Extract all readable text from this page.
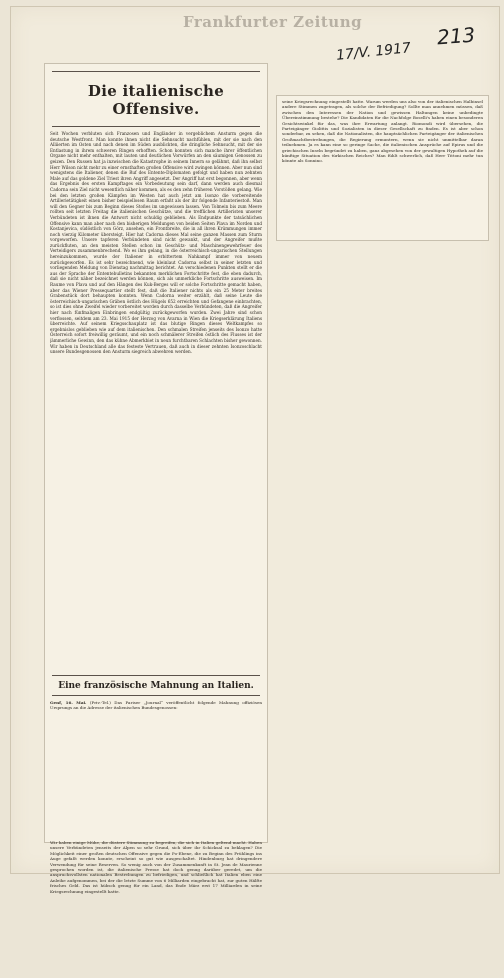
Frankfurter Zeitung
17/V. 1917
213
Die italienische Offensive.
Seit Wochen verbluten sich Franzosen und Engländer in vergeblichem Ansturm gegen die deutsche Westfront. Man konnte ihnen nicht die Sehnsucht nachfühlen, mit der sie nach den Alliierten im Osten und nach denen im Süden ausblickten, die dringliche Sehnsucht, mit der sie Entlastung in ihrem schweren Ringen erhofften. Schon konnten sich manche ihrer öffentlichen Organe nicht mehr enthalten, mit lauten und deutlichen Vorwürfen an den säumigen Genossen zu geizen. Den Russen hat ja inzwischen die Katastrophe in seinem Innern so gelähmt, daß ihn selbst Herr Wilson nicht mehr zu einer ernsthaften großen Offensive wird zwingen können. Aber nun sind wenigstens die Italiener, denen die Ruf des Entente-Diplomaten gefolgt und haben nun zehnten Male auf das goldene Ziel Triest ihren Angriff angesetzt. Der Angriff hat erst begonnen, aber wenn das Ergebnis des ersten Kampftages ein Vorbedeutung sein darf, dann werden auch diesmal Cadorna sein Ziel nicht wesentlich näher kommen, als es den zehn früheren Vorstößen gelang. Wie bei den letzten großen Kämpfen im Westen hat auch jetzt am Isonzo die vorbereitende Artillerietätigkeit einen bisher beispiellosen Raum erfaßt als der ihr folgende Infanteriestoß. Man will den Gegner bis zum Beginn dieses Stoßes im ungewissen lassen. Von Tolmein bis zum Meere rollten seit letzten Freitag die italienischen Geschütze, und die trefflichen Artilleristen unserer Verbündeten ist ihnen die Antwort nicht schuldig geblieben. Als Endpunkte der tatsächlichen Offensive kann man aber nach den bisherigen Meldungen von beiden Seiten Plava im Norden und Kostanjevica, südöstlich von Görz, ansehen, ein Frontbreite, die in all ihren Krümmungen immer noch vierzig Kilometer übersteigt. Hier hat Cadorna dieses Mal seine ganzen Massen zum Sturm vorgeworfen. Unsere tapferen Verbündeten sind nicht gewankt, und der Angreifer mußte zurückfluten, an den meisten Stellen schon im Geschütz- und Maschinengewehrfeuer des Verteidigers zusammenbrechend. Wo es ihm gelang, in die österreichisch-ungarischen Stellungen hereinzukommen, wurde der Italiener in erbittertem Nahkampf immer von neuem zurückgeworfen. Es ist sehr bezeichnend, wie kleinlaut Cadorna selbst in seiner letzten und vorliegenden Meldung von Dienstag nachmittag berichtet. An verschiedenen Punkten stellt er die aus der Sprache der Ententebulletins bekannten merklichen Fortschritte fest, die eben dadurch, daß sie nicht näher bezeichnet werden können, sich als unmerkliche Fortschritte ausweisen. Im Raume von Plava und auf den Hängen des Kuk-Berges will er solche Fortschritte gemacht haben, aber das Wiener Pressequartier stellt fest, daß die Italiener nichts als ein 25 Meter breites Grabenstück dort behaupten konnten. Wenn Cadorna weiter erzählt, daß seine Leute die österreichisch-ungarischen Gräben östlich des Hügels 652 erreichten und Gefangene einbrachten, so ist dies ohne Zweifel wieder vorbereitet worden durch dasselbe Verbündeten, daß die Angreifer hier nach fünfmaligen Einbringen endgültig zurückgeworfen wurden. Zwei Jahre sind schon verflossen, seitdem am 23. Mai 1915 der Herzog von Avarna in Wien die Kriegserklärung Italiens überreichte. Auf seinem Kriegsschauplatz ist das blutige Ringen dieses Weltkampfes so ergebnislos geblieben wie auf dem italienischen. Den schmalen Streifen jenseits des Isonzo hatte Österreich sofort freiwillig geräumt, und ein noch schmälerer Streifen östlich des Flusses ist der jämmerliche Gewinn, den das kühne Abmerkbiet in neun furchtbaren Schlachten bisher gewonnen. Wir haben in Deutschland alle das festeste Vertrauen, daß auch in dieser zehnten Isonzoschlacht unsere Bundesgenossen den Ansturm siegreich abwehren werden.
Eine französische Mahnung an Italien.
Genf, 16. Mai. (Priv.-Tel.) Das Pariser „Journal“ veröffentlicht folgende Mahnung offiziösen Ursprungs an die Adresse der italienischen Bundesgenossen:
Wir haben einige Mühe, die düstere Stimmung zu begreifen, die sich in Italien geltend macht. Haben unsere Verbündeten jenseits der Alpen so sehr Grund, sich über ihr Schicksal zu beklagen? Die Möglichkeit einer großen deutschen Offensive gegen die Po-Ebene, die zu Beginn des Frühlings ins Auge gefaßt werden konnte, erscheint so gut wie ausgeschaltet. Hindenburg hat dringendere Verwendung für seine Reserven. So wenig auch von der Zusammenkunft in St. Jean de Maurienne gesprochen worden ist, die italienische Presse hat doch genug darüber geredet, um die anspruchsvollsten nationalen Bestrebungen zu befriedigen, und schließlich hat Italien eben eine Anleihe aufgenommen, bei der die letzte Summe von 6 Milliarden eingebracht hat, zur guten Hälfte frisches Geld. Das ist hübsch genug für ein Land, das Ende März erst 17 Milliarden in seine Kriegsrechnung eingestellt hatte.
seine Kriegsrechnung eingestellt hatte. Warum werden uns also von der italienischen Halbinsel andere Stimmen zugetragen, als solche der Befriedigung? Sollte man annehmen müssen, daß zwischen den Interessen der Nation und gewissen Haltungen keine unbedingte Übereinstimmung bestehe? Die Kandidaten für die Nachfolge Boselli's haben einen besonderen Gesichtswinkel für das, was ihre Erwartung anlangt. Riomondi wird übersehen, die Parteigänger Giolittis und Sozialisten in dieser Gesellschaft zu finden. Es ist aber schon sonderbar, zu sehen, daß die Nationalisten, die hauptsächlichen Parteigänger der italienischen Großmachtbestrebungen, die Regierung ermuntern, wenn sie nicht unmittelbar daran teilnehmen. Ja es kann eine so geringe Sache, die italienischen Ansprüche auf Epirus und die griechischen Inseln begründet zu haben, ganz abgesehen von der gewaltigen Hypothek auf die künftige Situation des türkischen Reiches? Man fühlt schwerlich, daß Herr Tittoni mehr tun könnte als Sonnino.
